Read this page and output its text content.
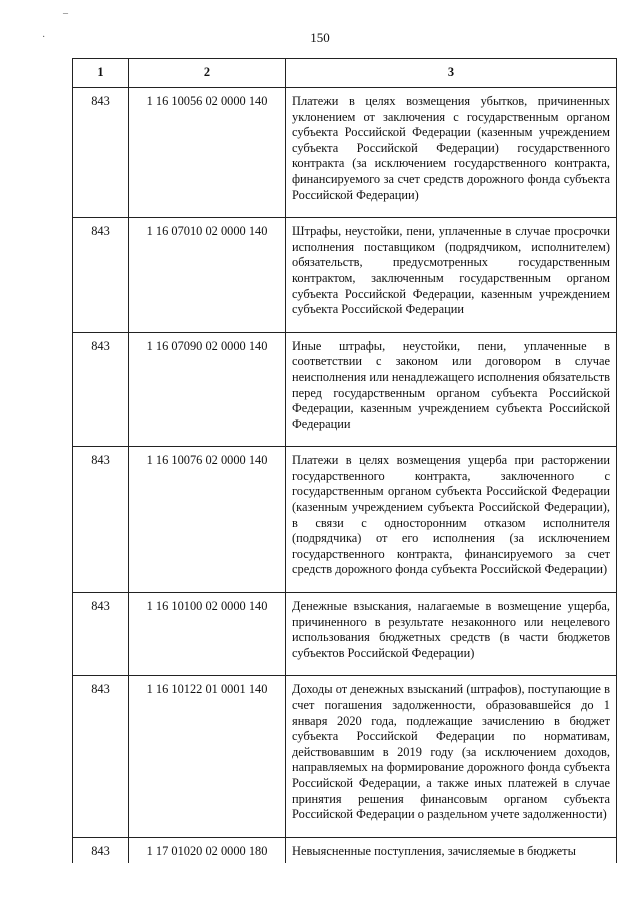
150
–
·
1	2	3
843	1 16 10056 02 0000 140	Платежи в целях возмещения убытков, причиненных уклонением от заключения с государственным органом субъекта Российской Федерации (казенным учреждением субъекта Российской Федерации) государственного контракта (за исключением государственного контракта, финансируемого за счет средств дорожного фонда субъекта Российской Федерации)
843	1 16 07010 02 0000 140	Штрафы, неустойки, пени, уплаченные в случае просрочки исполнения поставщиком (подрядчиком, исполнителем) обязательств, предусмотренных государственным контрактом, заключенным государственным органом субъекта Российской Федерации, казенным учреждением субъекта Российской Федерации
843	1 16 07090 02 0000 140	Иные штрафы, неустойки, пени, уплаченные в соответствии с законом или договором в случае неисполнения или ненадлежащего исполнения обязательств перед государственным органом субъекта Российской Федерации, казенным учреждением субъекта Российской Федерации
843	1 16 10076 02 0000 140	Платежи в целях возмещения ущерба при расторжении государственного контракта, заключенного с государственным органом субъекта Российской Федерации (казенным учреждением субъекта Российской Федерации), в связи с односторонним отказом исполнителя (подрядчика) от его исполнения (за исключением государственного контракта, финансируемого за счет средств дорожного фонда субъекта Российской Федерации)
843	1 16 10100 02 0000 140	Денежные взыскания, налагаемые в возмещение ущерба, причиненного в результате незаконного или нецелевого использования бюджетных средств (в части бюджетов субъектов Российской Федерации)
843	1 16 10122 01 0001 140	Доходы от денежных взысканий (штрафов), поступающие в счет погашения задолженности, образовавшейся до 1 января 2020 года, подлежащие зачислению в бюджет субъекта Российской Федерации по нормативам, действовавшим в 2019 году (за исключением доходов, направляемых на формирование дорожного фонда субъекта Российской Федерации, а также иных платежей в случае принятия решения финансовым органом субъекта Российской Федерации о раздельном учете задолженности)
843	1 17 01020 02 0000 180	Невыясненные поступления, зачисляемые в бюджеты
